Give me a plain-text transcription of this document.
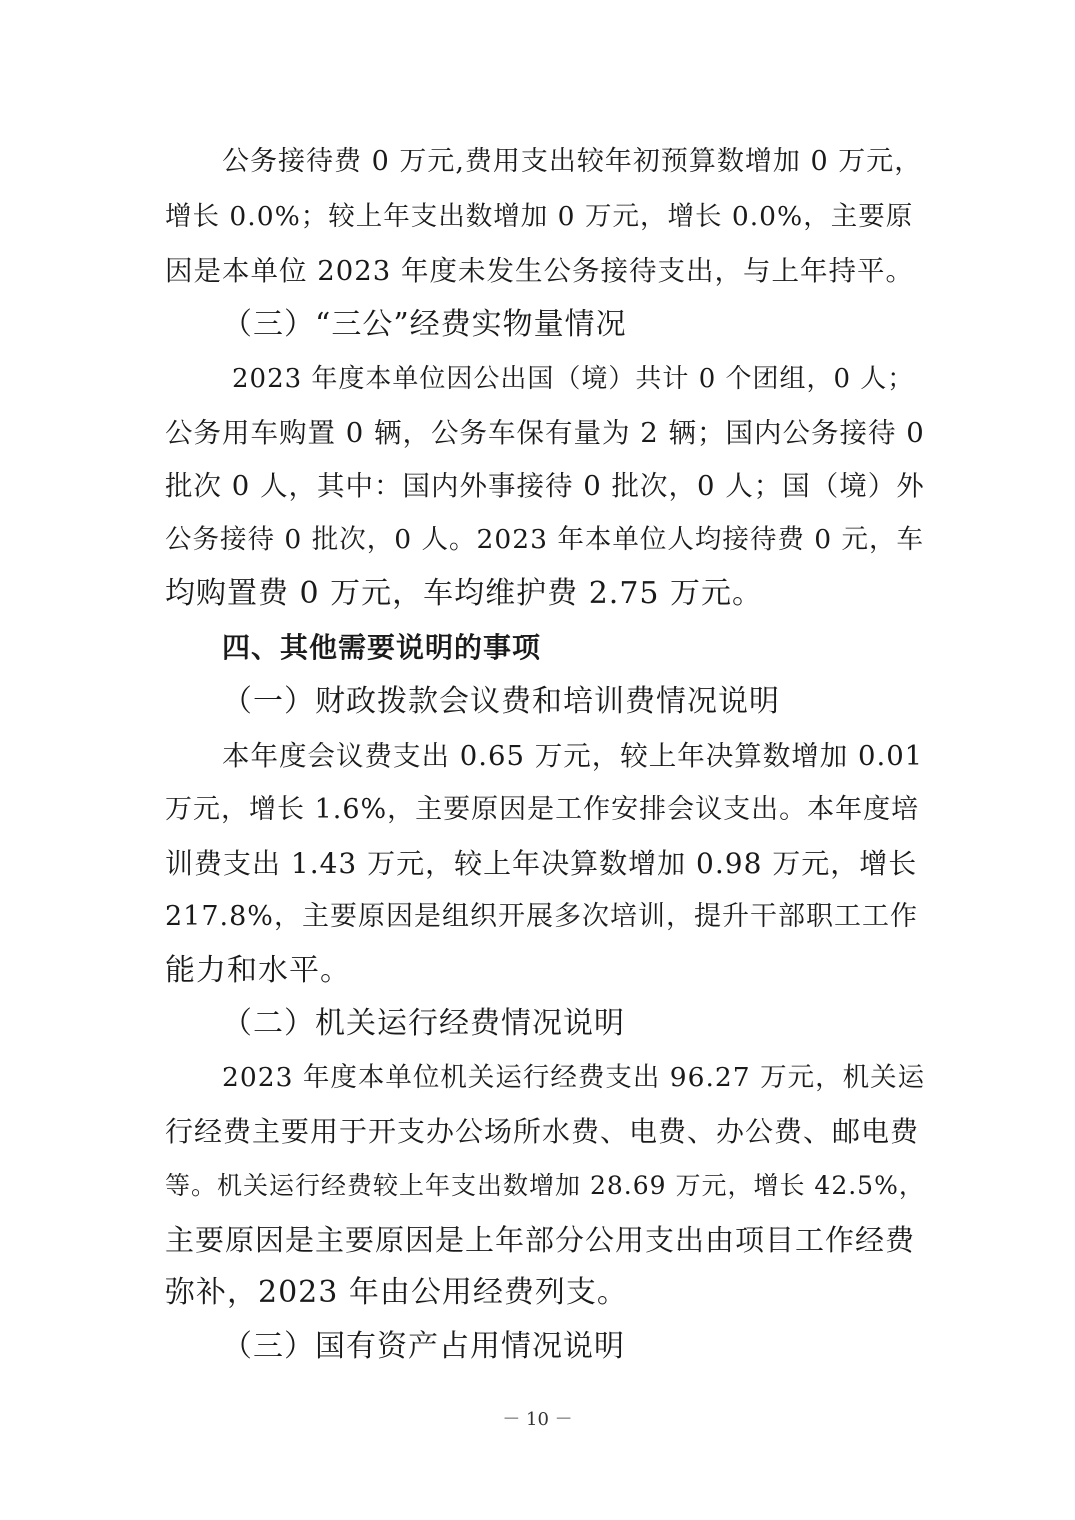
公务接待费 0 万元,费用支出较年初预算数增加 0 万元，
增长 0.0%；较上年支出数增加 0 万元，增长 0.0%，主要原
因是本单位 2023 年度未发生公务接待支出，与上年持平。
（三）“三公”经费实物量情况
2023 年度本单位因公出国（境）共计 0 个团组，0 人；
公务用车购置 0 辆，公务车保有量为 2 辆；国内公务接待 0
批次 0 人，其中：国内外事接待 0 批次，0 人；国（境）外
公务接待 0 批次，0 人。2023 年本单位人均接待费 0 元，车
均购置费 0 万元，车均维护费 2.75 万元。
四、其他需要说明的事项
（一）财政拨款会议费和培训费情况说明
本年度会议费支出 0.65 万元，较上年决算数增加 0.01
万元，增长 1.6%，主要原因是工作安排会议支出。本年度培
训费支出 1.43 万元，较上年决算数增加 0.98 万元，增长
217.8%，主要原因是组织开展多次培训，提升干部职工工作
能力和水平。
（二）机关运行经费情况说明
2023 年度本单位机关运行经费支出 96.27 万元，机关运
行经费主要用于开支办公场所水费、电费、办公费、邮电费
等。机关运行经费较上年支出数增加 28.69 万元，增长 42.5%，
主要原因是主要原因是上年部分公用支出由项目工作经费
弥补，2023 年由公用经费列支。
（三）国有资产占用情况说明
－ 10 －
